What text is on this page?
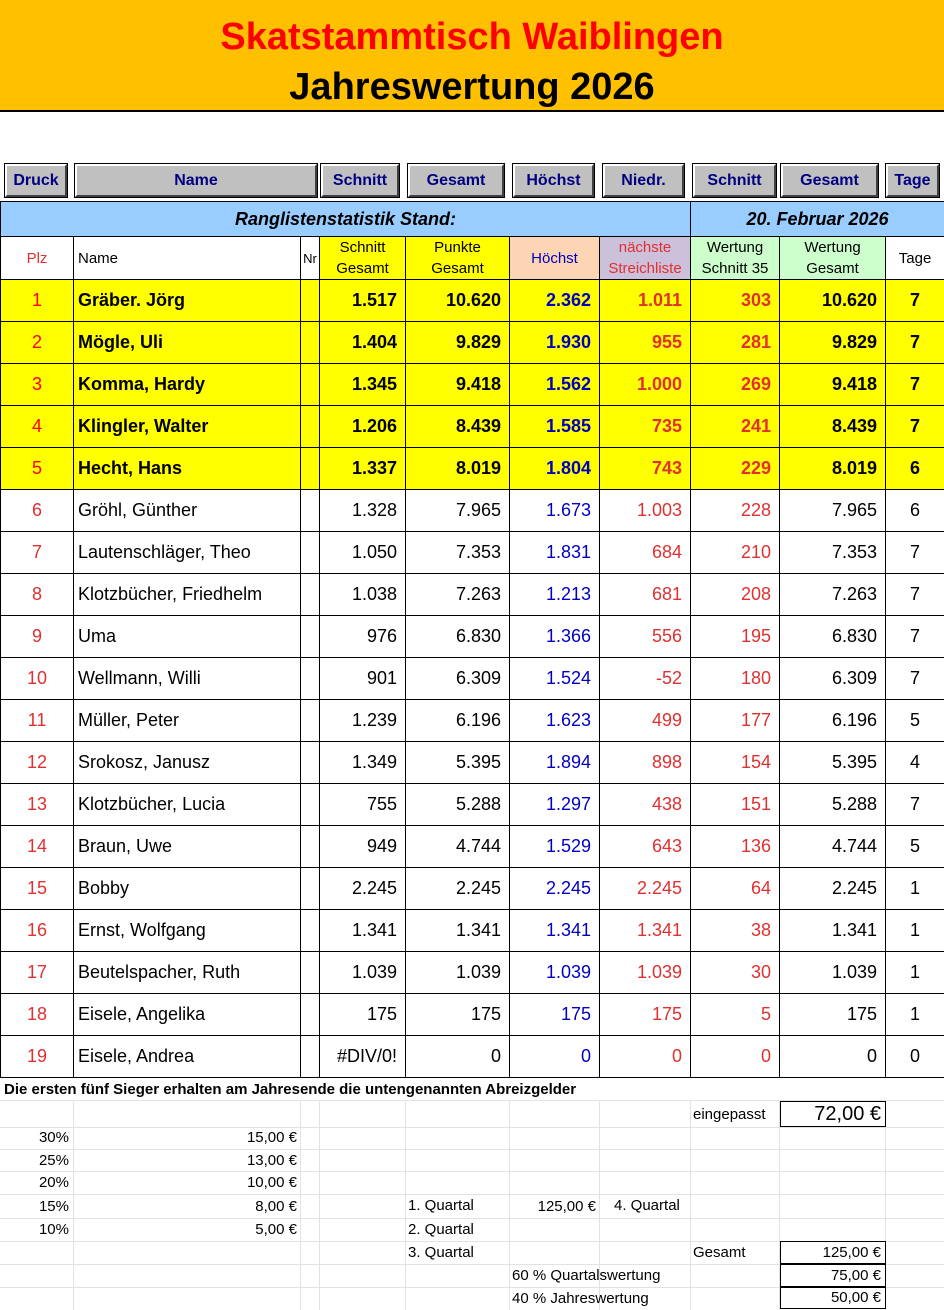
Skatstammtisch Waiblingen
Jahreswertung 2026
Druck	Name	Schnitt	Gesamt	Höchst	Niedr.	Schnitt	Gesamt	Tage
Ranglistenstatistik Stand:							20. Februar 2026		
Plz	Name	Nr	Schnitt Gesamt	Punkte Gesamt	Höchst	nächste Streichliste	Wertung Schnitt 35	Wertung Gesamt	Tage
1	Gräber. Jörg		1.517	10.620	2.362	1.011	303	10.620	7
2	Mögle, Uli		1.404	9.829	1.930	955	281	9.829	7
3	Komma, Hardy		1.345	9.418	1.562	1.000	269	9.418	7
4	Klingler, Walter		1.206	8.439	1.585	735	241	8.439	7
5	Hecht, Hans		1.337	8.019	1.804	743	229	8.019	6
6	Gröhl, Günther		1.328	7.965	1.673	1.003	228	7.965	6
7	Lautenschläger, Theo		1.050	7.353	1.831	684	210	7.353	7
8	Klotzbücher, Friedhelm		1.038	7.263	1.213	681	208	7.263	7
9	Uma		976	6.830	1.366	556	195	6.830	7
10	Wellmann, Willi		901	6.309	1.524	-52	180	6.309	7
11	Müller, Peter		1.239	6.196	1.623	499	177	6.196	5
12	Srokosz, Janusz		1.349	5.395	1.894	898	154	5.395	4
13	Klotzbücher, Lucia		755	5.288	1.297	438	151	5.288	7
14	Braun, Uwe		949	4.744	1.529	643	136	4.744	5
15	Bobby		2.245	2.245	2.245	2.245	64	2.245	1
16	Ernst, Wolfgang		1.341	1.341	1.341	1.341	38	1.341	1
17	Beutelspacher, Ruth		1.039	1.039	1.039	1.039	30	1.039	1
18	Eisele, Angelika		175	175	175	175	5	175	1
19	Eisele, Andrea		#DIV/0!	0	0	0	0	0	0
Die ersten fünf Sieger erhalten am Jahresende die untengenannten Abreizgelder
eingepasst	72,00 €
30%	15,00 €
25%	13,00 €
20%	10,00 €
15%	8,00 €
10%	5,00 €
1. Quartal	125,00 € 4. Quartal
2. Quartal
3. Quartal	Gesamt	125,00 €
60 % Quartalswertung	75,00 €
40 % Jahreswertung	50,00 €
